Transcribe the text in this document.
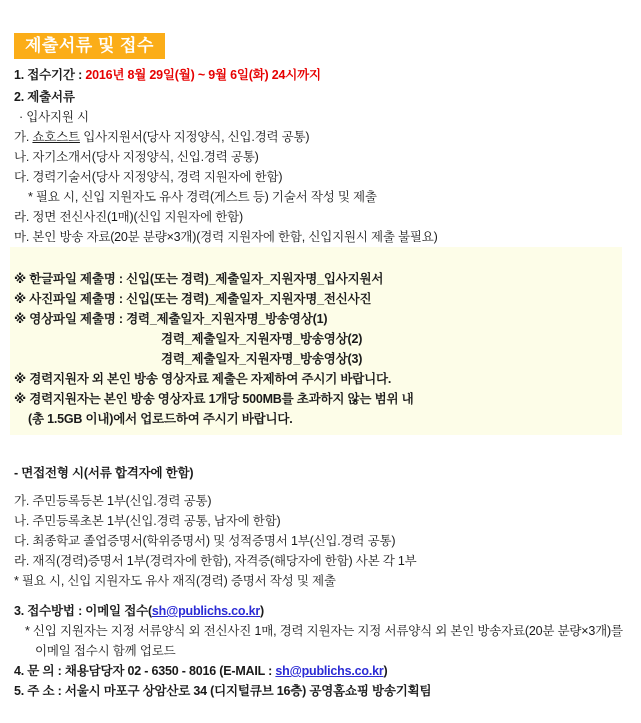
제출서류 및 접수

1. 접수기간 : 2016년 8월 29일(월) ~ 9월 6일(화) 24시까지

2. 제출서류

· 입사지원 시

가. 쇼호스트 입사지원서(당사 지정양식, 신입.경력 공통)

나. 자기소개서(당사 지정양식, 신입.경력 공통)

다. 경력기술서(당사 지정양식, 경력 지원자에 한함)

* 필요 시, 신입 지원자도 유사 경력(게스트 등) 기술서 작성 및 제출

라. 정면 전신사진(1매)(신입 지원자에 한함)

마. 본인 방송 자료(20분 분량×3개)(경력 지원자에 한함, 신입지원시 제출 불필요)

※ 한글파일 제출명 : 신입(또는 경력)_제출일자_지원자명_입사지원서

※ 사진파일 제출명 : 신입(또는 경력)_제출일자_지원자명_전신사진

※ 영상파일 제출명 : 경력_제출일자_지원자명_방송영상(1)

경력_제출일자_지원자명_방송영상(2)

경력_제출일자_지원자명_방송영상(3)

※ 경력지원자 외 본인 방송 영상자료 제출은 자제하여 주시기 바랍니다.

※ 경력지원자는 본인 방송 영상자료 1개당 500MB를 초과하지 않는 범위 내

(총 1.5GB 이내)에서 업로드하여 주시기 바랍니다.

- 면접전형 시(서류 합격자에 한함)

가. 주민등록등본 1부(신입.경력 공통)

나. 주민등록초본 1부(신입.경력 공통, 남자에 한함)

다. 최종학교 졸업증명서(학위증명서) 및 성적증명서 1부(신입.경력 공통)

라. 재직(경력)증명서 1부(경력자에 한함), 자격증(해당자에 한함) 사본 각 1부

* 필요 시, 신입 지원자도 유사 재직(경력) 증명서 작성 및 제출

3. 접수방법 : 이메일 접수(sh@publichs.co.kr)

* 신입 지원자는 지정 서류양식 외 전신사진 1매, 경력 지원자는 지정 서류양식 외 본인 방송자료(20분 분량×3개)를

이메일 접수시 함께 업로드

4. 문 의 : 채용담당자 02 - 6350 - 8016 (E-MAIL : sh@publichs.co.kr)

5. 주 소 : 서울시 마포구 상암산로 34 (디지털큐브 16층) 공영홈쇼핑 방송기획팀
